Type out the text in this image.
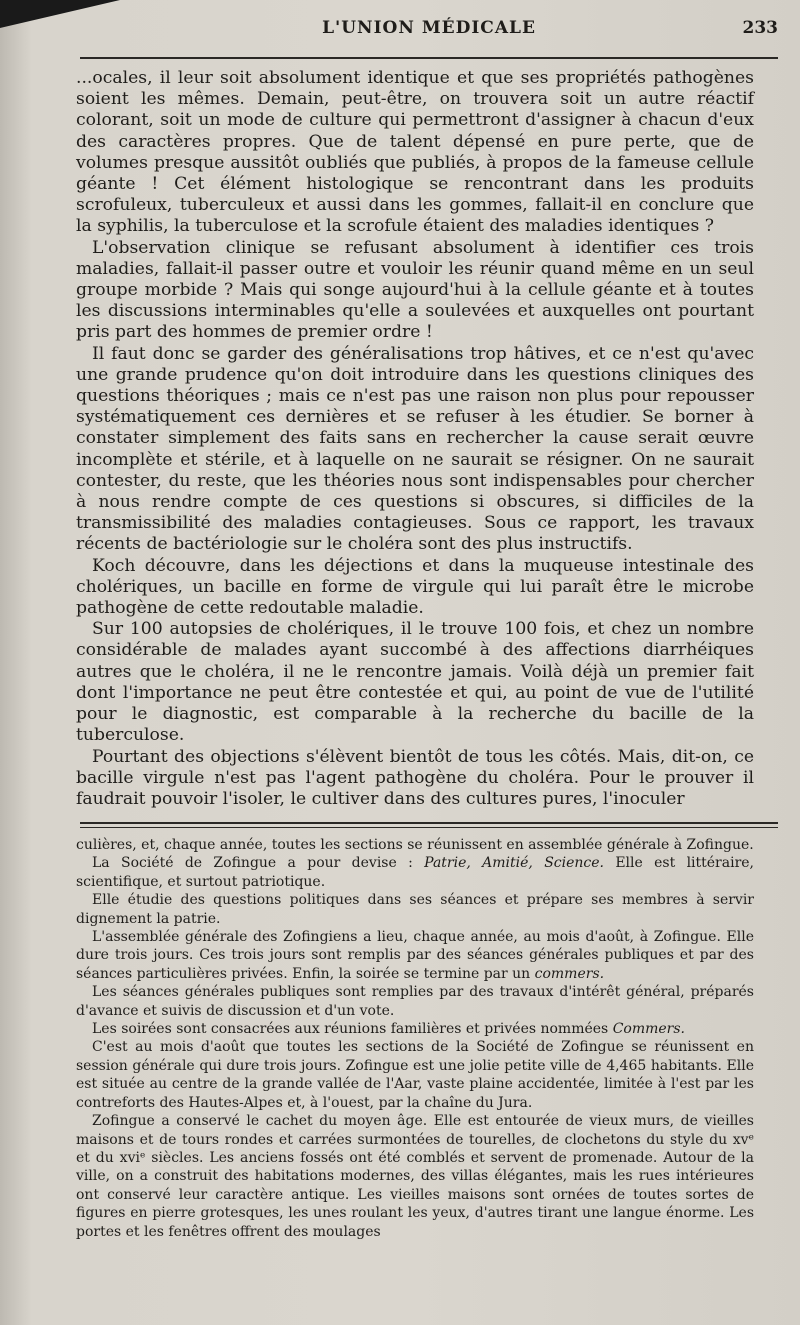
L'UNION MÉDICALE	233

...ocales, il leur soit absolument identique et que ses propriétés pathogènes soient les mêmes. Demain, peut-être, on trouvera soit un autre réactif colorant, soit un mode de culture qui permettront d'assigner à chacun d'eux des caractères propres. Que de talent dépensé en pure perte, que de volumes presque aussitôt oubliés que publiés, à propos de la fameuse cellule géante ! Cet élément histologique se rencontrant dans les produits scrofuleux, tuberculeux et aussi dans les gommes, fallait-il en conclure que la syphilis, la tuberculose et la scrofule étaient des maladies identiques ?

L'observation clinique se refusant absolument à identifier ces trois maladies, fallait-il passer outre et vouloir les réunir quand même en un seul groupe morbide ? Mais qui songe aujourd'hui à la cellule géante et à toutes les discussions interminables qu'elle a soulevées et auxquelles ont pourtant pris part des hommes de premier ordre !

Il faut donc se garder des généralisations trop hâtives, et ce n'est qu'avec une grande prudence qu'on doit introduire dans les questions cliniques des questions théoriques ; mais ce n'est pas une raison non plus pour repousser systématiquement ces dernières et se refuser à les étudier. Se borner à constater simplement des faits sans en rechercher la cause serait œuvre incomplète et stérile, et à laquelle on ne saurait se résigner. On ne saurait contester, du reste, que les théories nous sont indispensables pour chercher à nous rendre compte de ces questions si obscures, si difficiles de la transmissibilité des maladies contagieuses. Sous ce rapport, les travaux récents de bactériologie sur le choléra sont des plus instructifs.

Koch découvre, dans les déjections et dans la muqueuse intestinale des cholériques, un bacille en forme de virgule qui lui paraît être le microbe pathogène de cette redoutable maladie.

Sur 100 autopsies de cholériques, il le trouve 100 fois, et chez un nombre considérable de malades ayant succombé à des affections diarrhéiques autres que le choléra, il ne le rencontre jamais. Voilà déjà un premier fait dont l'importance ne peut être contestée et qui, au point de vue de l'utilité pour le diagnostic, est comparable à la recherche du bacille de la tuberculose.

Pourtant des objections s'élèvent bientôt de tous les côtés. Mais, dit-on, ce bacille virgule n'est pas l'agent pathogène du choléra. Pour le prouver il faudrait pouvoir l'isoler, le cultiver dans des cultures pures, l'inoculer

culières, et, chaque année, toutes les sections se réunissent en assemblée générale à Zofingue.

La Société de Zofingue a pour devise : Patrie, Amitié, Science. Elle est littéraire, scientifique, et surtout patriotique.

Elle étudie des questions politiques dans ses séances et prépare ses membres à servir dignement la patrie.

L'assemblée générale des Zofingiens a lieu, chaque année, au mois d'août, à Zofingue. Elle dure trois jours. Ces trois jours sont remplis par des séances générales publiques et par des séances particulières privées. Enfin, la soirée se termine par un commers.

Les séances générales publiques sont remplies par des travaux d'intérêt général, préparés d'avance et suivis de discussion et d'un vote.

Les soirées sont consacrées aux réunions familières et privées nommées Commers.

C'est au mois d'août que toutes les sections de la Société de Zofingue se réunissent en session générale qui dure trois jours. Zofingue est une jolie petite ville de 4,465 habitants. Elle est située au centre de la grande vallée de l'Aar, vaste plaine accidentée, limitée à l'est par les contreforts des Hautes-Alpes et, à l'ouest, par la chaîne du Jura.

Zofingue a conservé le cachet du moyen âge. Elle est entourée de vieux murs, de vieilles maisons et de tours rondes et carrées surmontées de tourelles, de clochetons du style du xvᵉ et du xviᵉ siècles. Les anciens fossés ont été comblés et servent de promenade. Autour de la ville, on a construit des habitations modernes, des villas élégantes, mais les rues intérieures ont conservé leur caractère antique. Les vieilles maisons sont ornées de toutes sortes de figures en pierre grotesques, les unes roulant les yeux, d'autres tirant une langue énorme. Les portes et les fenêtres offrent des moulages
